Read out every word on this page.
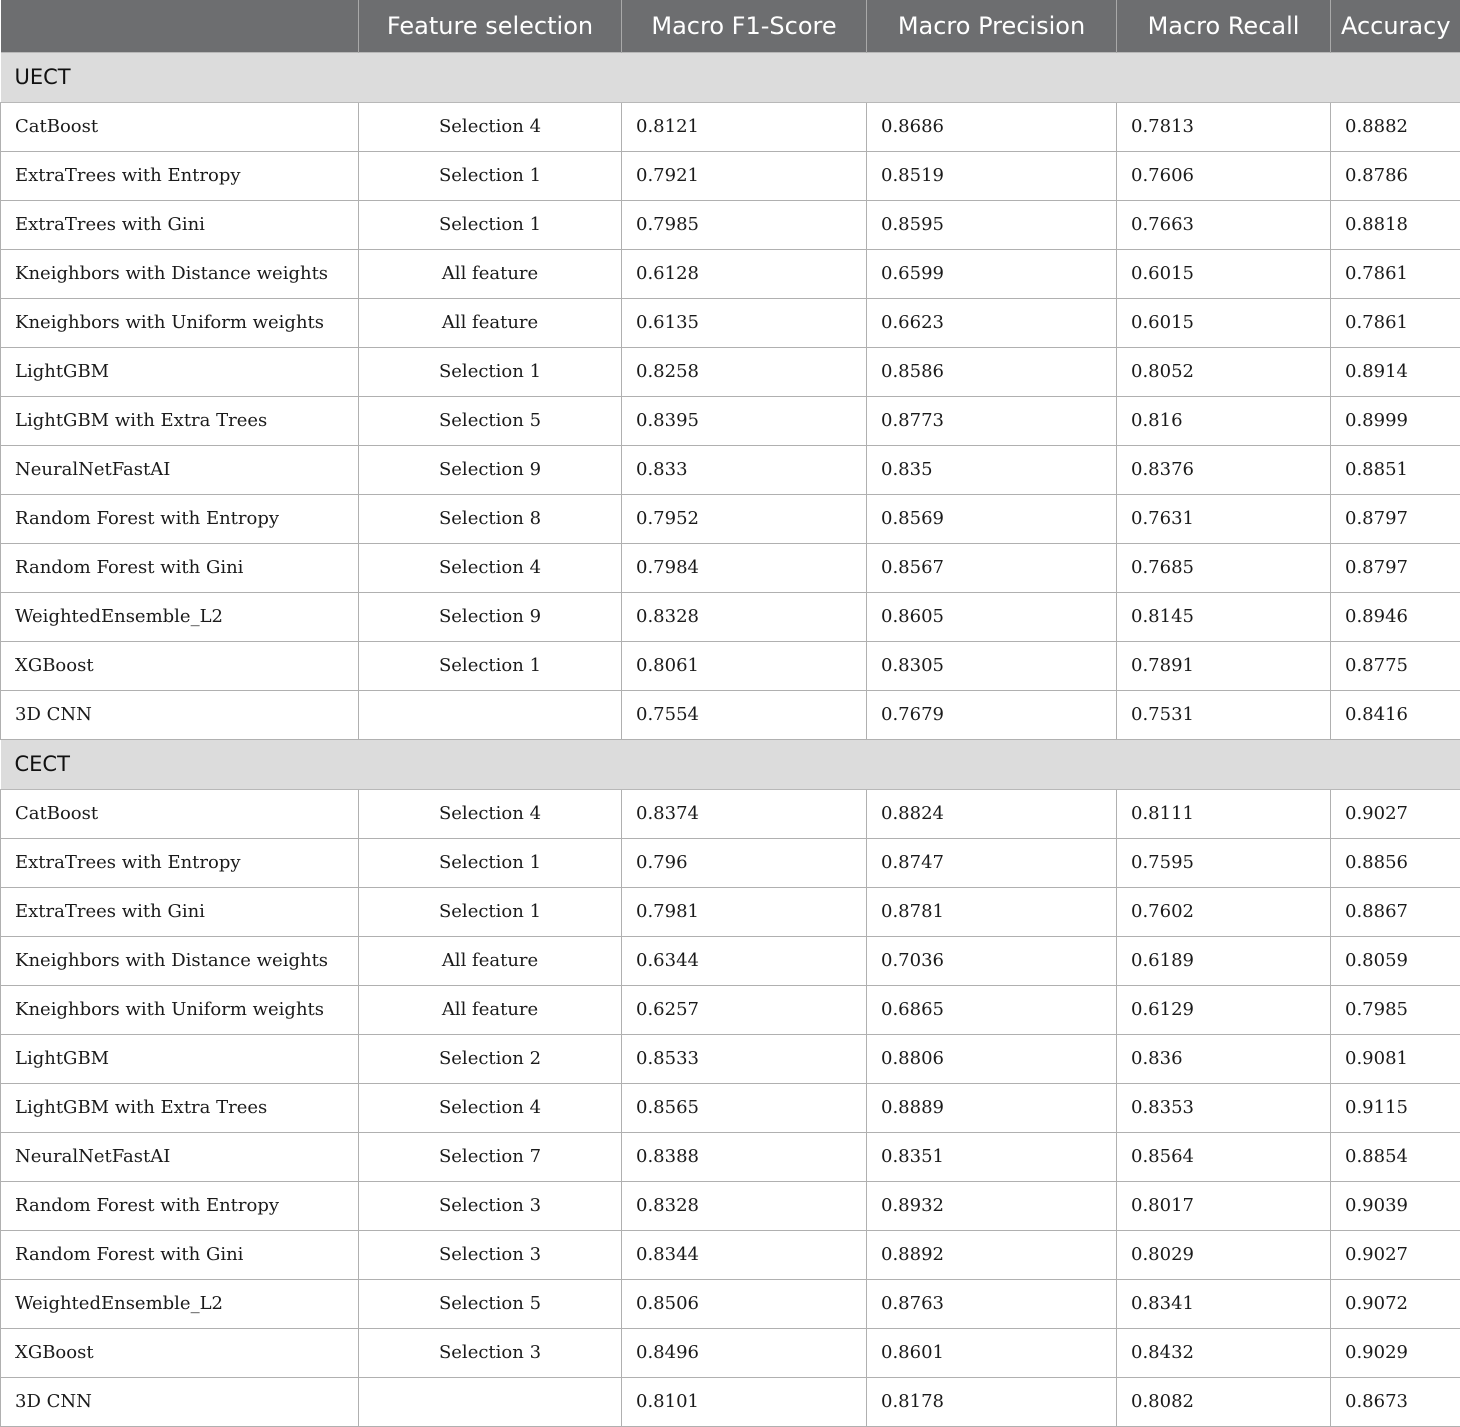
	Feature selection	Macro F1-Score	Macro Precision	Macro Recall	Accuracy
UECT					
CatBoost	Selection 4	0.8121	0.8686	0.7813	0.8882
ExtraTrees with Entropy	Selection 1	0.7921	0.8519	0.7606	0.8786
ExtraTrees with Gini	Selection 1	0.7985	0.8595	0.7663	0.8818
Kneighbors with Distance weights	All feature	0.6128	0.6599	0.6015	0.7861
Kneighbors with Uniform weights	All feature	0.6135	0.6623	0.6015	0.7861
LightGBM	Selection 1	0.8258	0.8586	0.8052	0.8914
LightGBM with Extra Trees	Selection 5	0.8395	0.8773	0.816	0.8999
NeuralNetFastAI	Selection 9	0.833	0.835	0.8376	0.8851
Random Forest with Entropy	Selection 8	0.7952	0.8569	0.7631	0.8797
Random Forest with Gini	Selection 4	0.7984	0.8567	0.7685	0.8797
WeightedEnsemble_L2	Selection 9	0.8328	0.8605	0.8145	0.8946
XGBoost	Selection 1	0.8061	0.8305	0.7891	0.8775
3D CNN		0.7554	0.7679	0.7531	0.8416
CECT					
CatBoost	Selection 4	0.8374	0.8824	0.8111	0.9027
ExtraTrees with Entropy	Selection 1	0.796	0.8747	0.7595	0.8856
ExtraTrees with Gini	Selection 1	0.7981	0.8781	0.7602	0.8867
Kneighbors with Distance weights	All feature	0.6344	0.7036	0.6189	0.8059
Kneighbors with Uniform weights	All feature	0.6257	0.6865	0.6129	0.7985
LightGBM	Selection 2	0.8533	0.8806	0.836	0.9081
LightGBM with Extra Trees	Selection 4	0.8565	0.8889	0.8353	0.9115
NeuralNetFastAI	Selection 7	0.8388	0.8351	0.8564	0.8854
Random Forest with Entropy	Selection 3	0.8328	0.8932	0.8017	0.9039
Random Forest with Gini	Selection 3	0.8344	0.8892	0.8029	0.9027
WeightedEnsemble_L2	Selection 5	0.8506	0.8763	0.8341	0.9072
XGBoost	Selection 3	0.8496	0.8601	0.8432	0.9029
3D CNN		0.8101	0.8178	0.8082	0.8673
